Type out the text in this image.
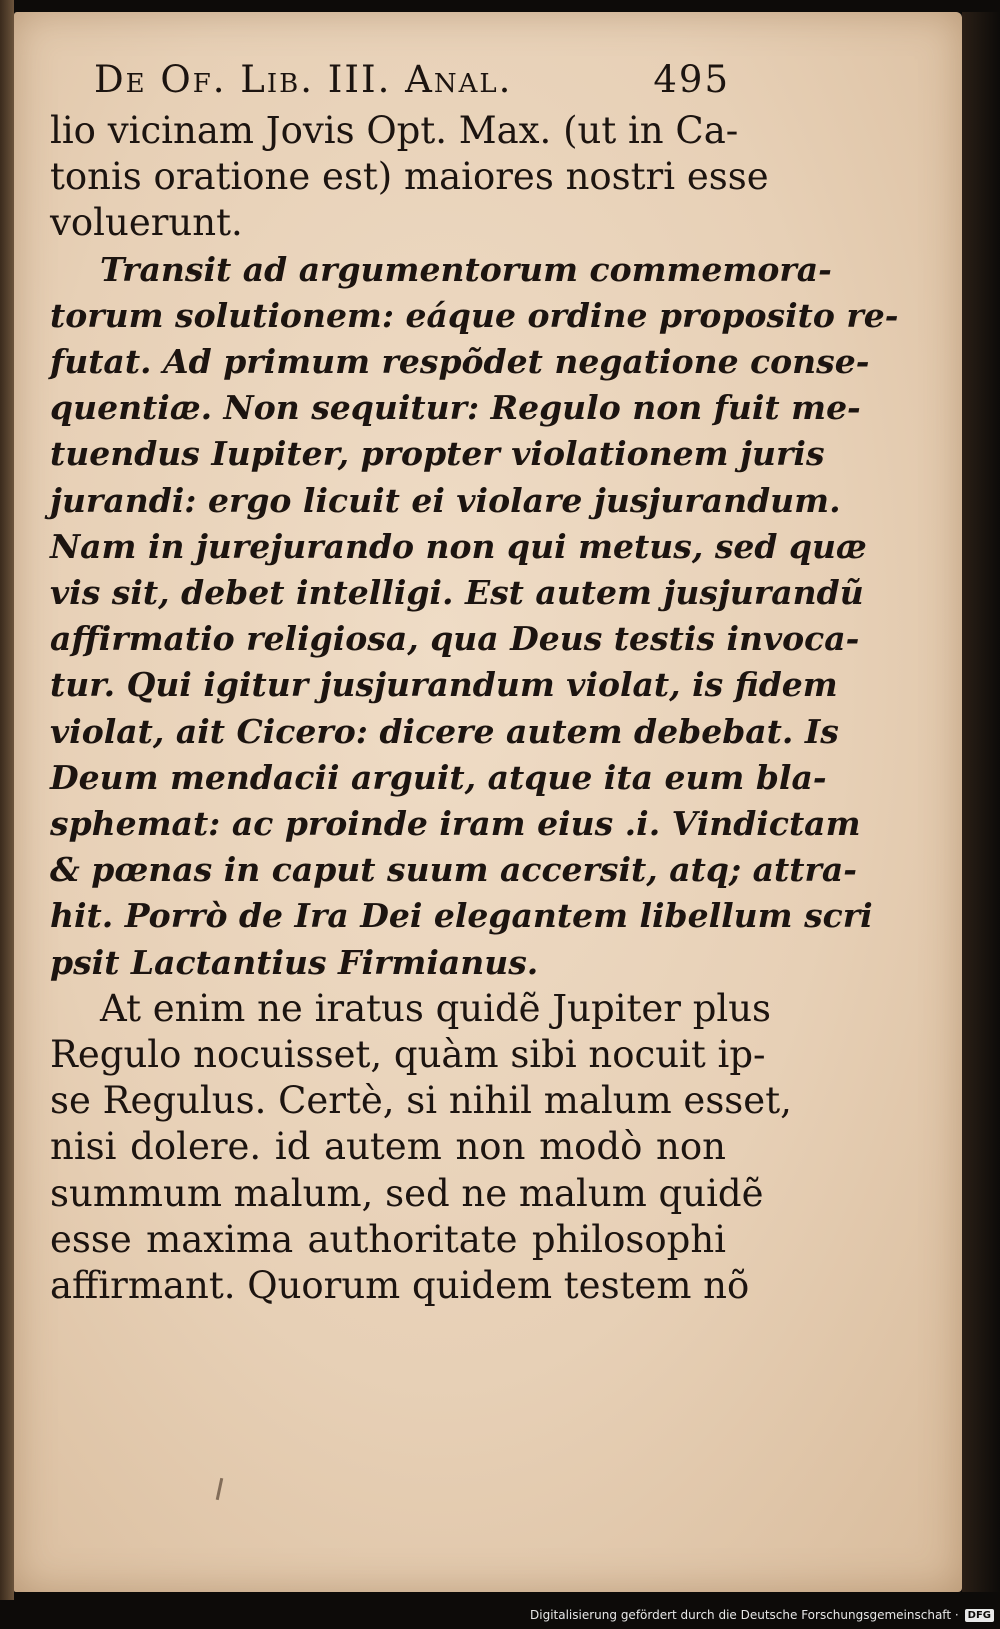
De Of. Lib. III. Anal.	495
lio vicinam Jovis Opt. Max. (ut in Ca-
tonis oratione est) maiores nostri esse
voluerunt.
Transit ad argumentorum commemora-
torum solutionem: eáque ordine proposito re-
futat. Ad primum respõdet negatione conse-
quentiæ. Non sequitur: Regulo non fuit me-
tuendus Iupiter, propter violationem juris
jurandi: ergo licuit ei violare jusjurandum.
Nam in jurejurando non qui metus, sed quæ
vis sit, debet intelligi. Est autem jusjurandũ
affirmatio religiosa, qua Deus testis invoca-
tur. Qui igitur jusjurandum violat, is fidem
violat, ait Cicero: dicere autem debebat. Is
Deum mendacii arguit, atque ita eum bla-
sphemat: ac proinde iram eius .i. Vindictam
& pœnas in caput suum accersit, atq; attra-
hit. Porrò de Ira Dei elegantem libellum scri
psit Lactantius Firmianus.
At enim ne iratus quidẽ Jupiter plus
Regulo nocuisset, quàm sibi nocuit ip-
se Regulus. Certè, si nihil malum esset,
nisi dolere. id autem non modò non
summum malum, sed ne malum quidẽ
esse maxima authoritate philosophi
affirmant. Quorum quidem testem nõ
Digitalisierung gefördert durch die Deutsche Forschungsgemeinschaft · DFG
